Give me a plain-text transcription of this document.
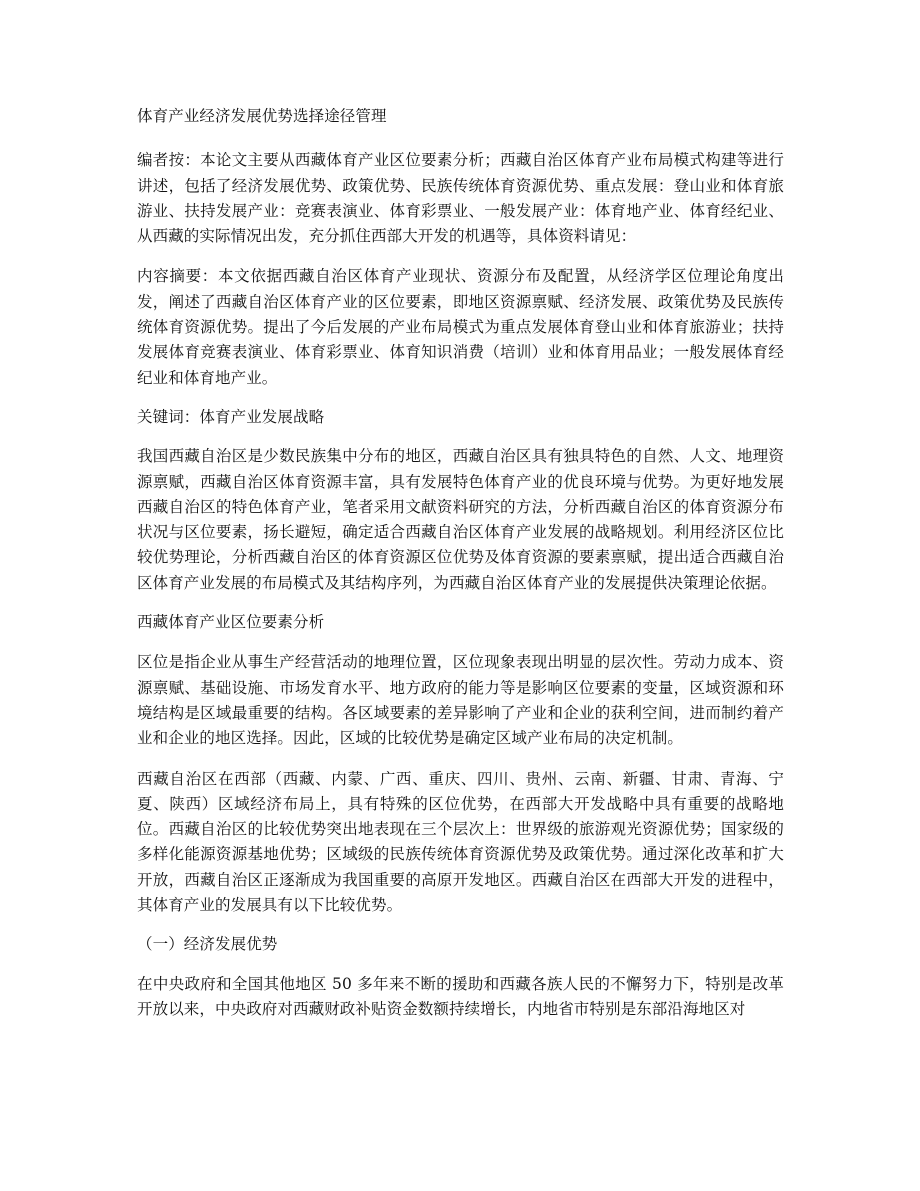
体育产业经济发展优势选择途径管理

编者按：本论文主要从西藏体育产业区位要素分析；西藏自治区体育产业布局模式构建等进行讲述，包括了经济发展优势、政策优势、民族传统体育资源优势、重点发展：登山业和体育旅游业、扶持发展产业：竞赛表演业、体育彩票业、一般发展产业：体育地产业、体育经纪业、从西藏的实际情况出发，充分抓住西部大开发的机遇等，具体资料请见：

内容摘要：本文依据西藏自治区体育产业现状、资源分布及配置，从经济学区位理论角度出发，阐述了西藏自治区体育产业的区位要素，即地区资源禀赋、经济发展、政策优势及民族传统体育资源优势。提出了今后发展的产业布局模式为重点发展体育登山业和体育旅游业；扶持发展体育竞赛表演业、体育彩票业、体育知识消费（培训）业和体育用品业；一般发展体育经纪业和体育地产业。

关键词：体育产业发展战略

我国西藏自治区是少数民族集中分布的地区，西藏自治区具有独具特色的自然、人文、地理资源禀赋，西藏自治区体育资源丰富，具有发展特色体育产业的优良环境与优势。为更好地发展西藏自治区的特色体育产业，笔者采用文献资料研究的方法，分析西藏自治区的体育资源分布状况与区位要素，扬长避短，确定适合西藏自治区体育产业发展的战略规划。利用经济区位比较优势理论，分析西藏自治区的体育资源区位优势及体育资源的要素禀赋，提出适合西藏自治区体育产业发展的布局模式及其结构序列，为西藏自治区体育产业的发展提供决策理论依据。

西藏体育产业区位要素分析

区位是指企业从事生产经营活动的地理位置，区位现象表现出明显的层次性。劳动力成本、资源禀赋、基础设施、市场发育水平、地方政府的能力等是影响区位要素的变量，区域资源和环境结构是区域最重要的结构。各区域要素的差异影响了产业和企业的获利空间，进而制约着产业和企业的地区选择。因此，区域的比较优势是确定区域产业布局的决定机制。

西藏自治区在西部（西藏、内蒙、广西、重庆、四川、贵州、云南、新疆、甘肃、青海、宁夏、陕西）区域经济布局上，具有特殊的区位优势，在西部大开发战略中具有重要的战略地位。西藏自治区的比较优势突出地表现在三个层次上：世界级的旅游观光资源优势；国家级的多样化能源资源基地优势；区域级的民族传统体育资源优势及政策优势。通过深化改革和扩大开放，西藏自治区正逐渐成为我国重要的高原开发地区。西藏自治区在西部大开发的进程中，其体育产业的发展具有以下比较优势。

（一）经济发展优势

在中央政府和全国其他地区 50 多年来不断的援助和西藏各族人民的不懈努力下，特别是改革开放以来，中央政府对西藏财政补贴资金数额持续增长，内地省市特别是东部沿海地区对
